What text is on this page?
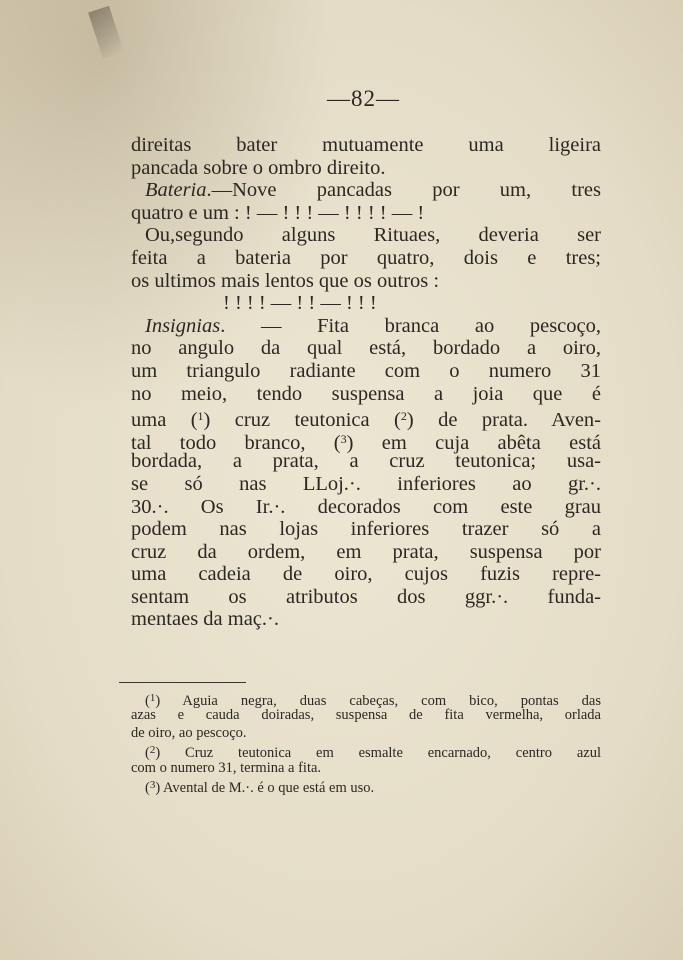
—82—
direitas bater mutuamente uma ligeira
pancada sobre o ombro direito.
Bateria.—Nove pancadas por um, tres
quatro e um : ! — ! ! ! — ! ! ! ! — !
Ou,segundo alguns Rituaes, deveria ser
feita a bateria por quatro, dois e tres;
os ultimos mais lentos que os outros :
! ! ! ! — ! ! — ! ! !
Insignias. — Fita branca ao pescoço,
no angulo da qual está, bordado a oiro,
um triangulo radiante com o numero 31
no meio, tendo suspensa a joia que é
uma ($^1$) cruz teutonica ($^2$) de prata. Aven-
tal todo branco, ($^3$) em cuja abêta está
bordada, a prata, a cruz teutonica; usa-
se só nas LLoj.·. inferiores ao gr.·.
30.·. Os Ir.·. decorados com este grau
podem nas lojas inferiores trazer só a
cruz da ordem, em prata, suspensa por
uma cadeia de oiro, cujos fuzis repre-
sentam os atributos dos ggr.·. funda-
mentaes da maç.·.
($^1$) Aguia negra, duas cabeças, com bico, pontas das
azas e cauda doiradas, suspensa de fita vermelha, orlada
de oiro, ao pescoço.
($^2$) Cruz teutonica em esmalte encarnado, centro azul
com o numero 31, termina a fita.
($^3$) Avental de M.·. é o que está em uso.
